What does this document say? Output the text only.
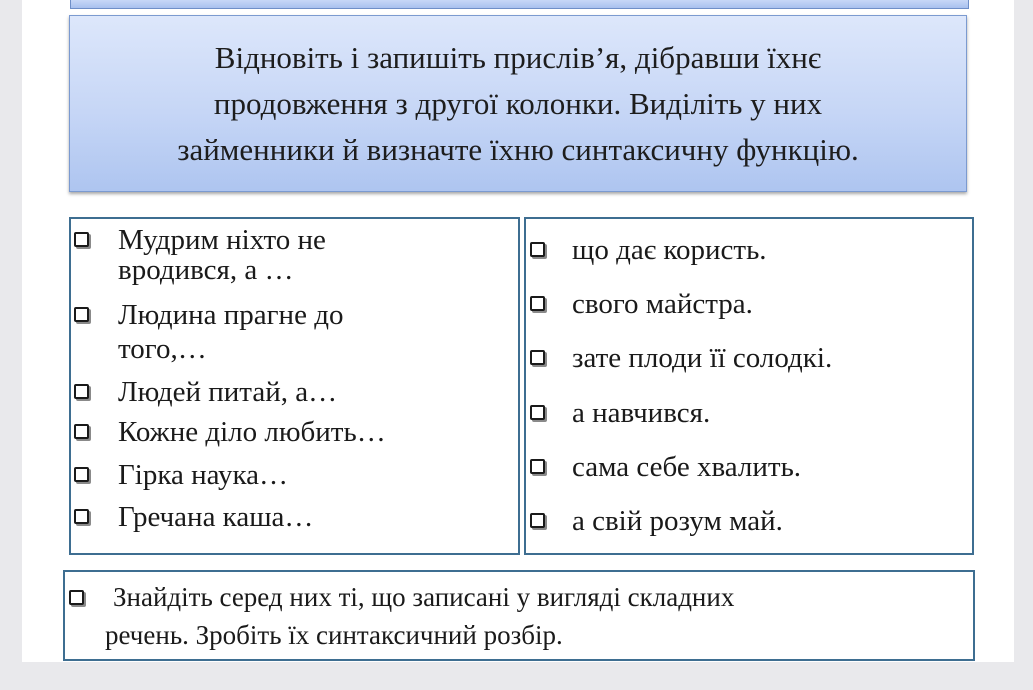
Відновіть і запишіть прислів’я, дібравши їхнє
продовження з другої колонки. Виділіть у них
займенники й визначте їхню синтаксичну функцію.

Мудрим ніхто не
вродився, а …
Людина прагне до
того,…
Людей питай, а…
Кожне діло любить…
Гірка наука…
Гречана каша…
що дає користь.
свого майстра.
зате плоди її солодкі.
а навчився.
сама себе хвалить.
а свій розум май.
Знайдіть серед них ті, що записані у вигляді складних
речень. Зробіть їх синтаксичний розбір.
